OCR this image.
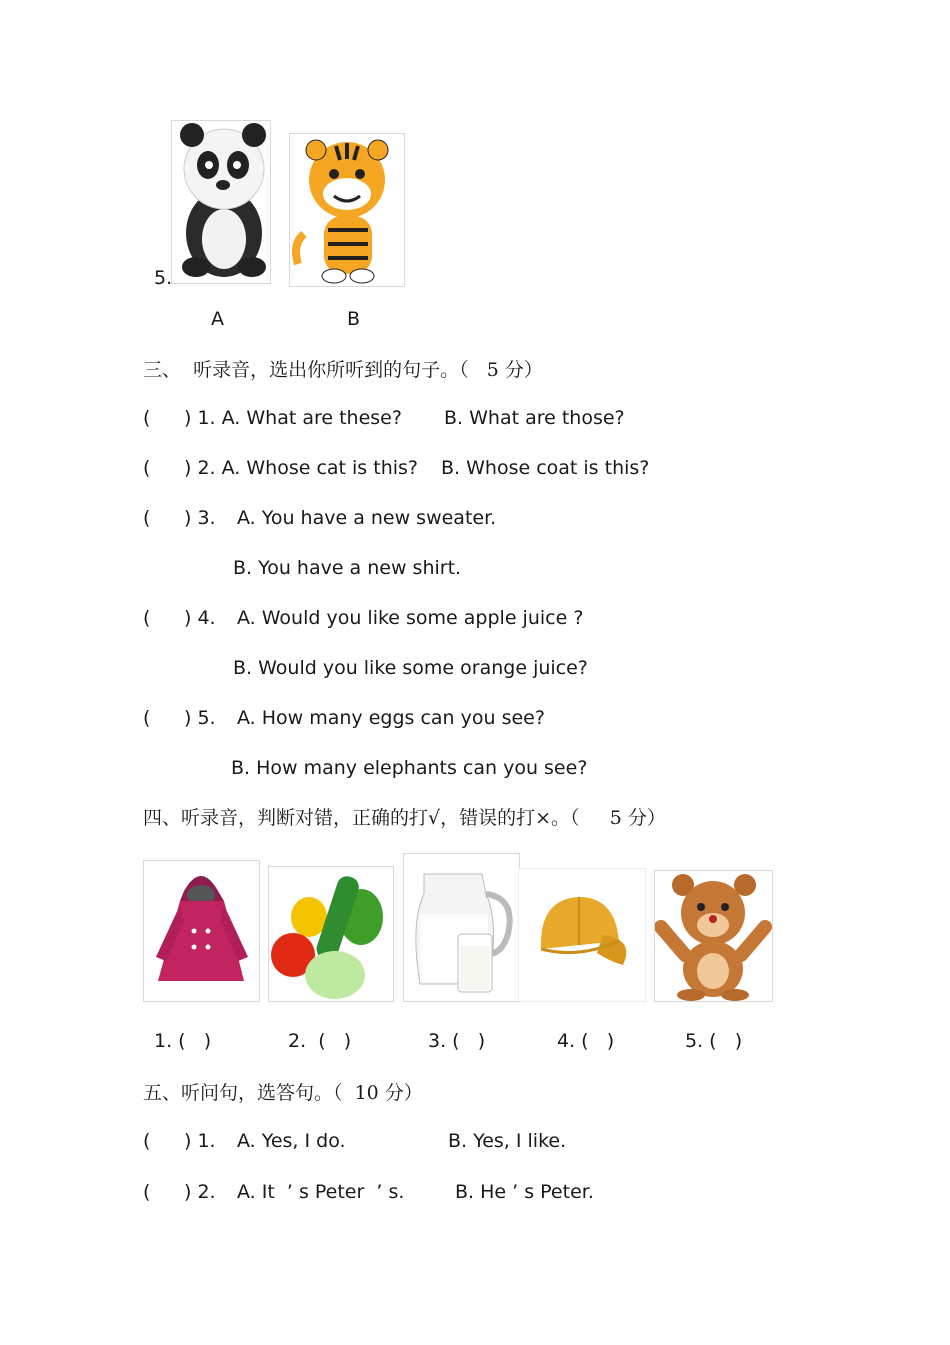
5.
A	B
三、  听录音，选出你所听到的句子。（   5 分）
( ) 1. A. What are these? B. What are those?
( ) 2. A. Whose cat is this? B. Whose coat is this?
( ) 3. A. You have a new sweater.
B. You have a new shirt.
( ) 4. A. Would you like some apple juice ?
B. Would you like some orange juice?
( ) 5. A. How many eggs can you see?
B. How many elephants can you see?
四、听录音，判断对错，正确的打√，错误的打×。（     5 分）
1. (   )	2.  (   )	3. (   )	4. (   )	5. (   )
五、听问句，选答句。（  10 分）
( ) 1. A. Yes, I do.	B. Yes, I like.
( ) 2. A. It  ’ s Peter  ’ s.	B. He ’ s Peter.
